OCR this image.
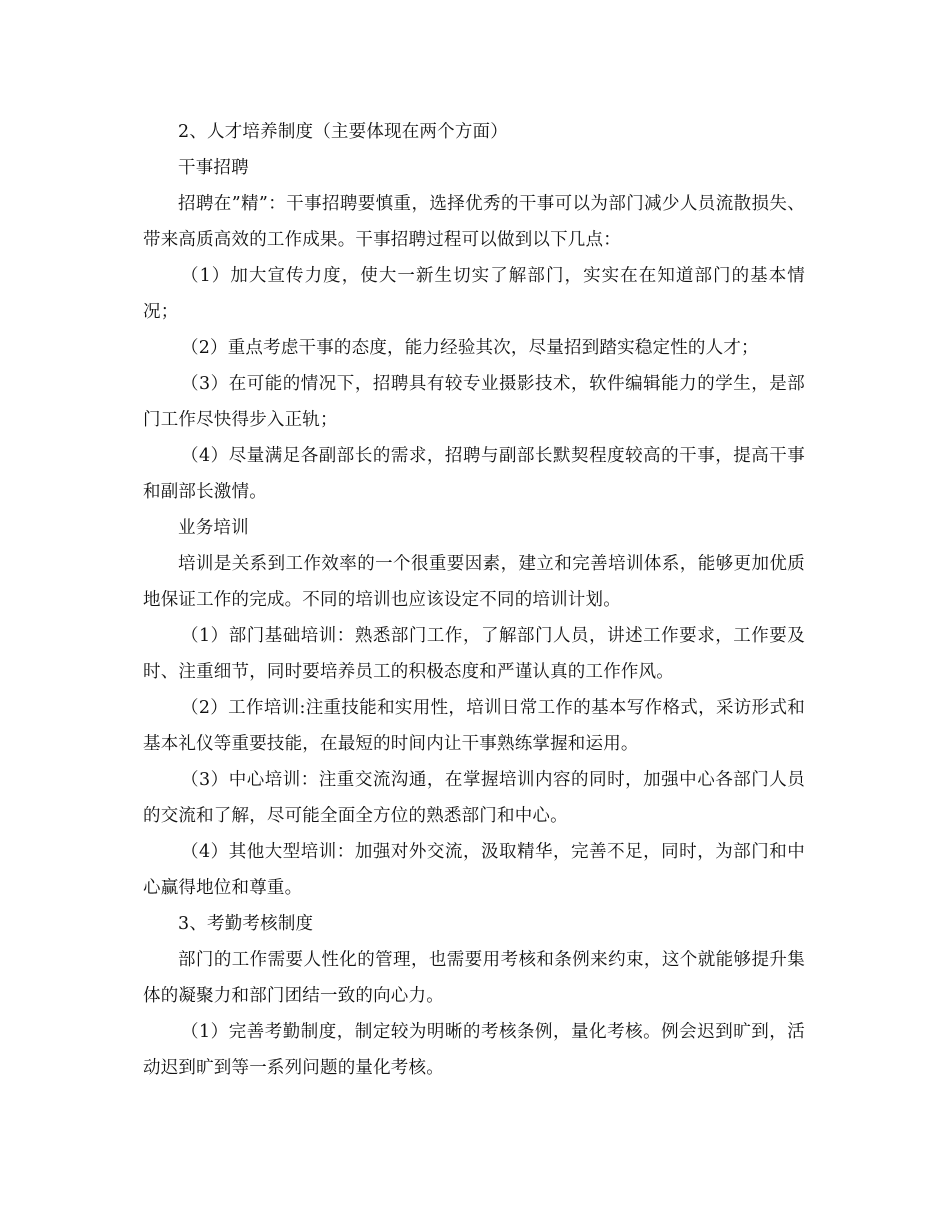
2、人才培养制度（主要体现在两个方面）

干事招聘

招聘在”精”：干事招聘要慎重，选择优秀的干事可以为部门减少人员流散损失、带来高质高效的工作成果。干事招聘过程可以做到以下几点：

（1）加大宣传力度，使大一新生切实了解部门，实实在在知道部门的基本情况；

（2）重点考虑干事的态度，能力经验其次，尽量招到踏实稳定性的人才；

（3）在可能的情况下，招聘具有较专业摄影技术，软件编辑能力的学生，是部门工作尽快得步入正轨；

（4）尽量满足各副部长的需求，招聘与副部长默契程度较高的干事，提高干事和副部长激情。

业务培训

培训是关系到工作效率的一个很重要因素，建立和完善培训体系，能够更加优质地保证工作的完成。不同的培训也应该设定不同的培训计划。

（1）部门基础培训：熟悉部门工作，了解部门人员，讲述工作要求，工作要及时、注重细节，同时要培养员工的积极态度和严谨认真的工作作风。

（2）工作培训:注重技能和实用性，培训日常工作的基本写作格式，采访形式和基本礼仪等重要技能，在最短的时间内让干事熟练掌握和运用。

（3）中心培训：注重交流沟通，在掌握培训内容的同时，加强中心各部门人员的交流和了解，尽可能全面全方位的熟悉部门和中心。

（4）其他大型培训：加强对外交流，汲取精华，完善不足，同时，为部门和中心赢得地位和尊重。

3、考勤考核制度

部门的工作需要人性化的管理，也需要用考核和条例来约束，这个就能够提升集体的凝聚力和部门团结一致的向心力。

（1）完善考勤制度，制定较为明晰的考核条例，量化考核。例会迟到旷到，活动迟到旷到等一系列问题的量化考核。
